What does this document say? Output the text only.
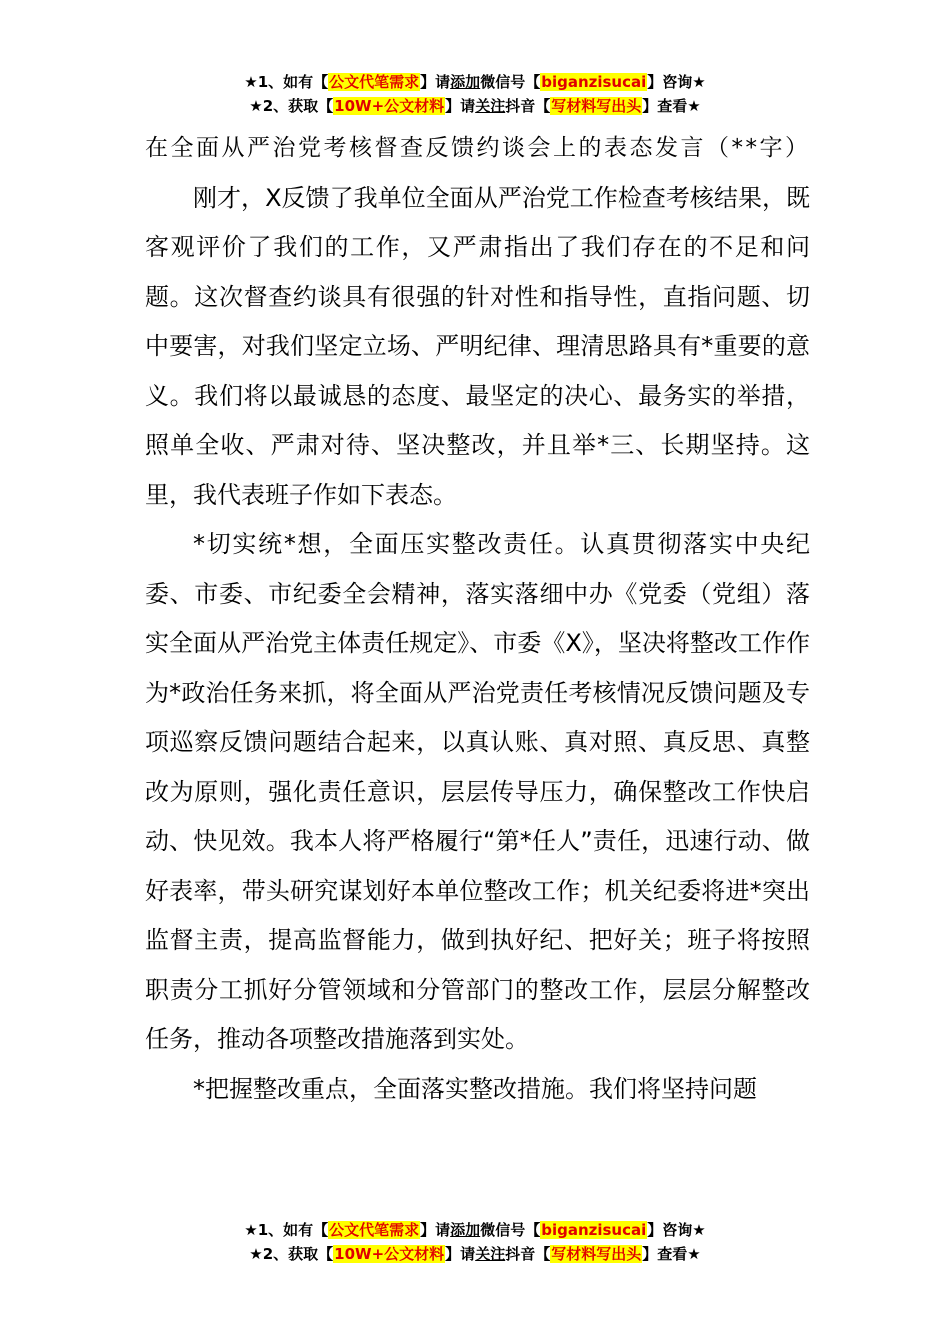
★1、如有【公文代笔需求】请添加微信号【biganzisucai】咨询★
★2、获取【10W+公文材料】请关注抖音【写材料写出头】查看★
在全面从严治党考核督查反馈约谈会上的表态发言（**字）

刚才，X反馈了我单位全面从严治党工作检查考核结果，既客观评价了我们的工作，又严肃指出了我们存在的不足和问题。这次督查约谈具有很强的针对性和指导性，直指问题、切中要害，对我们坚定立场、严明纪律、理清思路具有*重要的意义。我们将以最诚恳的态度、最坚定的决心、最务实的举措，照单全收、严肃对待、坚决整改，并且举*三、长期坚持。这里，我代表班子作如下表态。

*切实统*想，全面压实整改责任。认真贯彻落实中央纪委、市委、市纪委全会精神，落实落细中办《党委（党组）落实全面从严治党主体责任规定》、市委《X》，坚决将整改工作作为*政治任务来抓，将全面从严治党责任考核情况反馈问题及专项巡察反馈问题结合起来，以真认账、真对照、真反思、真整改为原则，强化责任意识，层层传导压力，确保整改工作快启动、快见效。我本人将严格履行“第*任人”责任，迅速行动、做好表率，带头研究谋划好本单位整改工作；机关纪委将进*突出监督主责，提高监督能力，做到执好纪、把好关；班子将按照职责分工抓好分管领域和分管部门的整改工作，层层分解整改任务，推动各项整改措施落到实处。

*把握整改重点，全面落实整改措施。我们将坚持问题

★1、如有【公文代笔需求】请添加微信号【biganzisucai】咨询★
★2、获取【10W+公文材料】请关注抖音【写材料写出头】查看★
